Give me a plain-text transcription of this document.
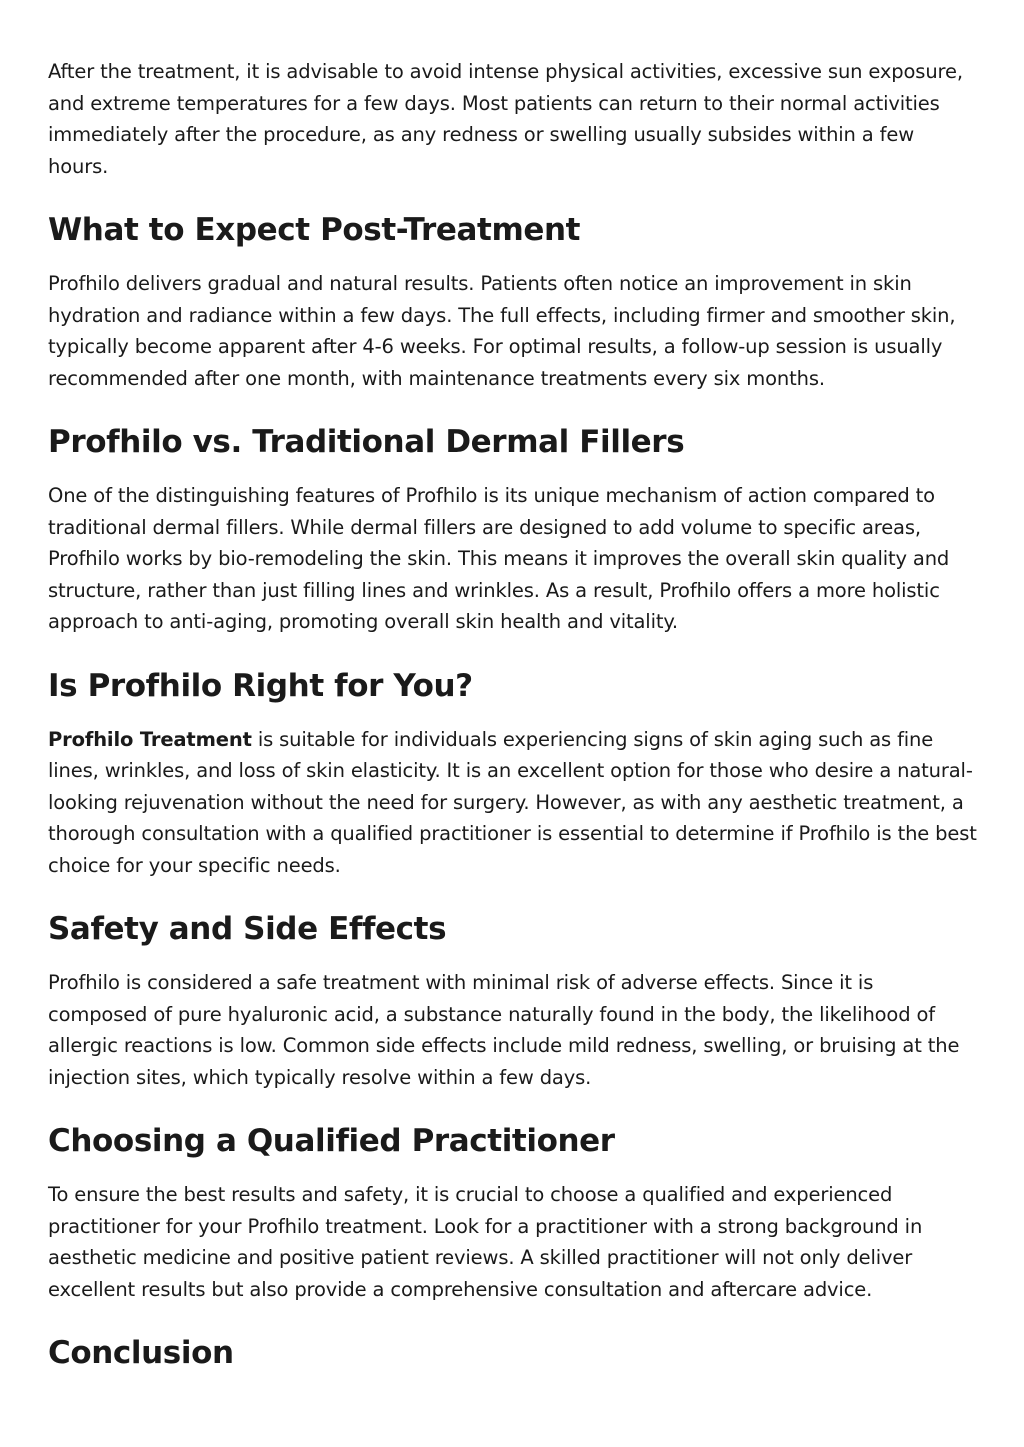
After the treatment, it is advisable to avoid intense physical activities, excessive sun exposure, and extreme temperatures for a few days. Most patients can return to their normal activities immediately after the procedure, as any redness or swelling usually subsides within a few hours.

What to Expect Post-Treatment

Profhilo delivers gradual and natural results. Patients often notice an improvement in skin hydration and radiance within a few days. The full effects, including firmer and smoother skin, typically become apparent after 4-6 weeks. For optimal results, a follow-up session is usually recommended after one month, with maintenance treatments every six months.

Profhilo vs. Traditional Dermal Fillers

One of the distinguishing features of Profhilo is its unique mechanism of action compared to traditional dermal fillers. While dermal fillers are designed to add volume to specific areas, Profhilo works by bio-remodeling the skin. This means it improves the overall skin quality and structure, rather than just filling lines and wrinkles. As a result, Profhilo offers a more holistic approach to anti-aging, promoting overall skin health and vitality.

Is Profhilo Right for You?

Profhilo Treatment is suitable for individuals experiencing signs of skin aging such as fine lines, wrinkles, and loss of skin elasticity. It is an excellent option for those who desire a natural-looking rejuvenation without the need for surgery. However, as with any aesthetic treatment, a thorough consultation with a qualified practitioner is essential to determine if Profhilo is the best choice for your specific needs.

Safety and Side Effects

Profhilo is considered a safe treatment with minimal risk of adverse effects. Since it is composed of pure hyaluronic acid, a substance naturally found in the body, the likelihood of allergic reactions is low. Common side effects include mild redness, swelling, or bruising at the injection sites, which typically resolve within a few days.

Choosing a Qualified Practitioner

To ensure the best results and safety, it is crucial to choose a qualified and experienced practitioner for your Profhilo treatment. Look for a practitioner with a strong background in aesthetic medicine and positive patient reviews. A skilled practitioner will not only deliver excellent results but also provide a comprehensive consultation and aftercare advice.

Conclusion
